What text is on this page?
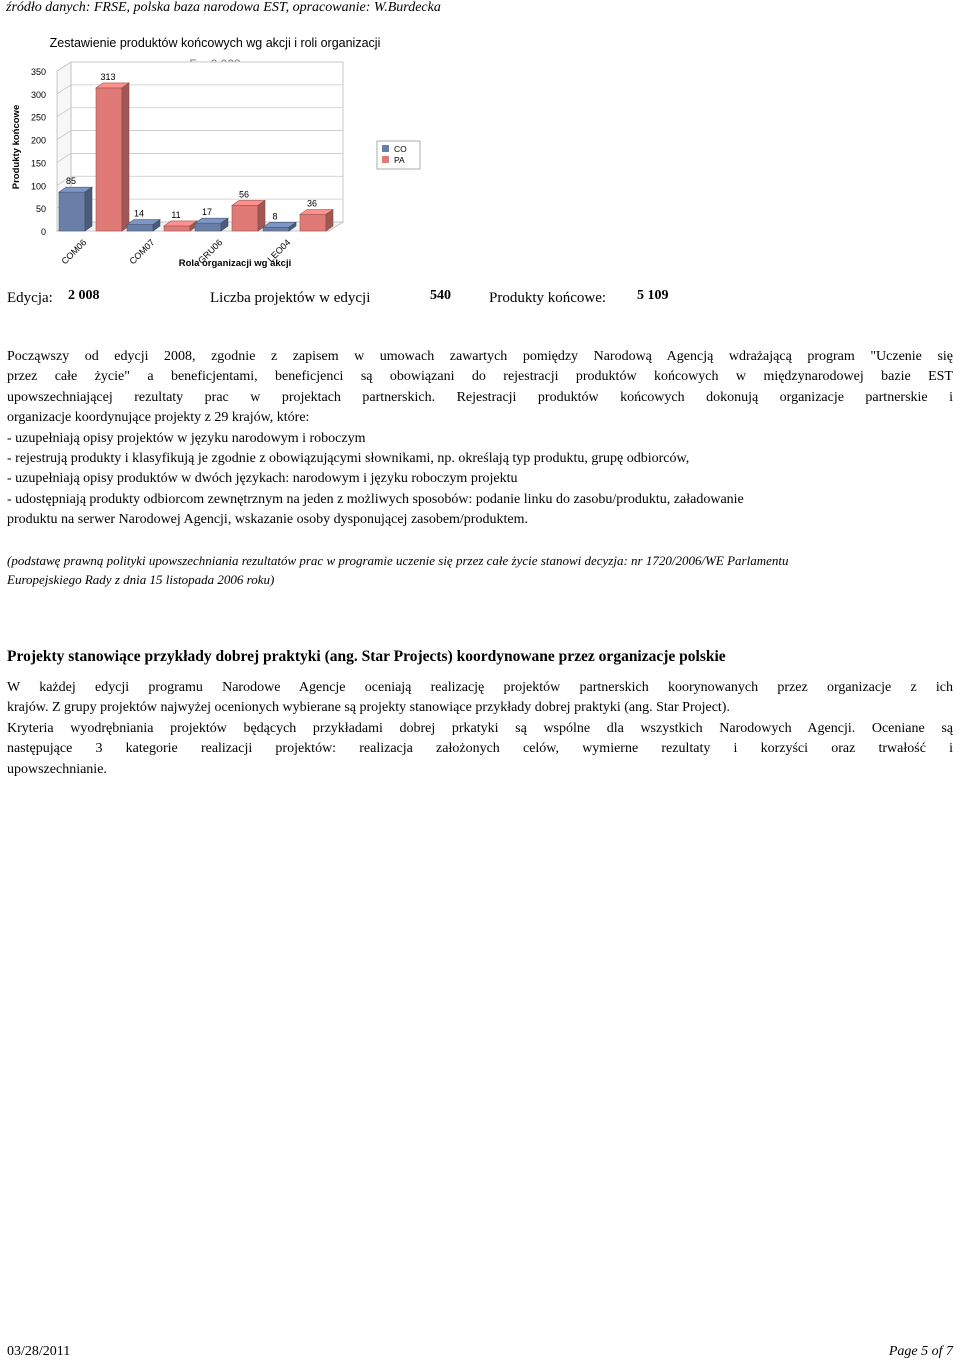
źródło danych: FRSE, polska baza narodowa EST, opracowanie: W.Burdecka
Zestawienie produktów końcowych wg akcji i roli organizacji
0
50
100
150
200
250
300
350
Produkty końcowe	85
313
COM06
14	11
COM07
17
56
GRU06
8
36
LEO04
Rola organizacji wg akcji
CO
PA
Edycja: 2 008	Liczba projektów w edycji	540	Produkty końcowe: 5 109
Począwszy od edycji 2008, zgodnie z zapisem w umowach zawartych pomiędzy Narodową Agencją wdrażającą program "Uczenie się
przez całe życie" a beneficjentami, beneficjenci są obowiązani do rejestracji produktów końcowych w międzynarodowej bazie EST
upowszechniającej rezultaty prac w projektach partnerskich. Rejestracji produktów końcowych dokonują organizacje partnerskie i
organizacje koordynujące projekty z 29 krajów, które:
- uzupełniają opisy projektów w języku narodowym i roboczym
- rejestrują produkty i klasyfikują je zgodnie z obowiązującymi słownikami, np. określają typ produktu, grupę odbiorców,
- uzupełniają opisy produktów w dwóch językach: narodowym i języku roboczym projektu
- udostępniają produkty odbiorcom zewnętrznym na jeden z możliwych sposobów: podanie linku do zasobu/produktu, załadowanie
produktu na serwer Narodowej Agencji, wskazanie osoby dysponującej zasobem/produktem.
(podstawę prawną polityki upowszechniania rezultatów prac w programie uczenie się przez całe życie stanowi decyzja: nr 1720/2006/WE Parlamentu
Europejskiego Rady z dnia 15 listopada 2006 roku)
Projekty stanowiące przykłady dobrej praktyki (ang. Star Projects) koordynowane przez organizacje polskie
W każdej edycji programu Narodowe Agencje oceniają realizację projektów partnerskich koorynowanych przez organizacje z ich
krajów. Z grupy projektów najwyżej ocenionych wybierane są projekty stanowiące przykłady dobrej praktyki (ang. Star Project).
Kryteria wyodrębniania projektów będących przykładami dobrej prkatyki są wspólne dla wszystkich Narodowych Agencji. Oceniane są
następujące 3 kategorie realizacji projektów: realizacja założonych celów, wymierne rezultaty i korzyści oraz trwałość i
upowszechnianie.
03/28/2011	Page 5 of 7
